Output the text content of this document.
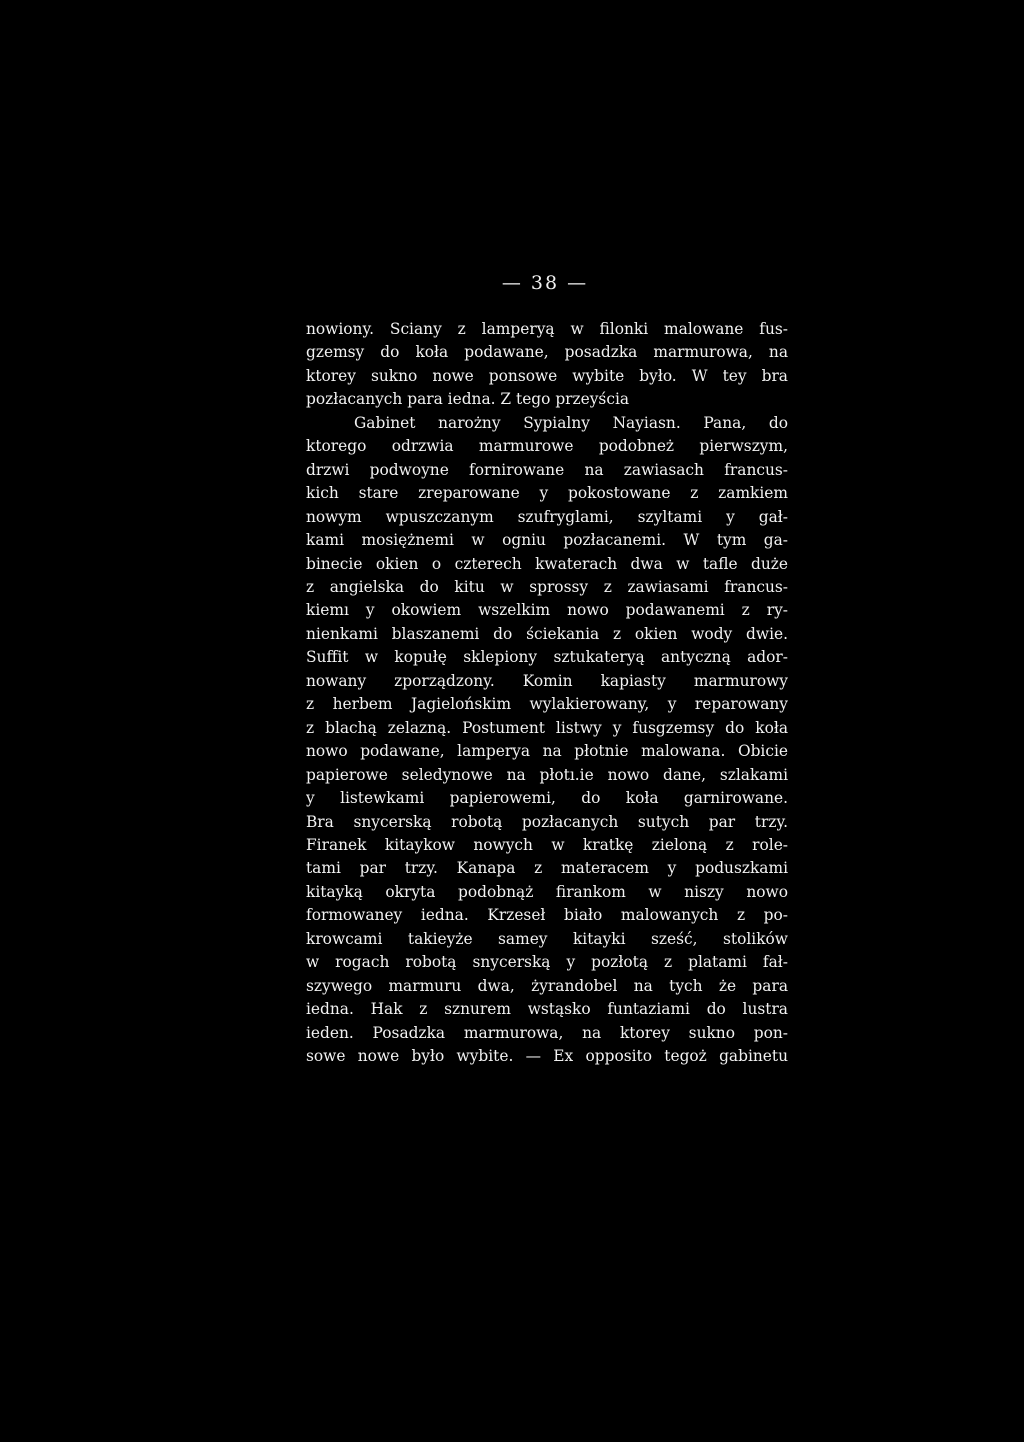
— 38 —
nowiony. Sciany z lamperyą w filonki malowane fus-
gzemsy do koła podawane, posadzka marmurowa, na
ktorey sukno nowe ponsowe wybite było. W tey bra
pozłacanych para iedna. Z tego przeyścia
Gabinet narożny Sypialny Nayiasn. Pana, do
ktorego odrzwia marmurowe podobneż pierwszym,
drzwi podwoyne fornirowane na zawiasach francus-
kich stare zreparowane y pokostowane z zamkiem
nowym wpuszczanym szufryglami, szyltami y gał-
kami mosiężnemi w ogniu pozłacanemi. W tym ga-
binecie okien o czterech kwaterach dwa w tafle duże
z angielska do kitu w sprossy z zawiasami francus-
kiemı y okowiem wszelkim nowo podawanemi z ry-
nienkami blaszanemi do ściekania z okien wody dwie.
Suffit w kopułę sklepiony sztukateryą antyczną ador-
nowany zporządzony. Komin kapiasty marmurowy
z herbem Jagielońskim wylakierowany, y reparowany
z blachą zelazną. Postument listwy y fusgzemsy do koła
nowo podawane, lamperya na płotnie malowana. Obicie
papierowe seledynowe na płotı.ie nowo dane, szlakami
y listewkami papierowemi, do koła garnirowane.
Bra snycerską robotą pozłacanych sutych par trzy.
Firanek kitaykow nowych w kratkę zieloną z role-
tami par trzy. Kanapa z materacem y poduszkami
kitayką okryta podobnąż firankom w niszy nowo
formowaney iedna. Krzeseł biało malowanych z po-
krowcami takieyże samey kitayki sześć, stolików
w rogach robotą snycerską y pozłotą z platami fał-
szywego marmuru dwa, żyrandobel na tych że para
iedna. Hak z sznurem wstąsko funtaziami do lustra
ieden. Posadzka marmurowa, na ktorey sukno pon-
sowe nowe było wybite. — Ex opposito tegoż gabinetu
